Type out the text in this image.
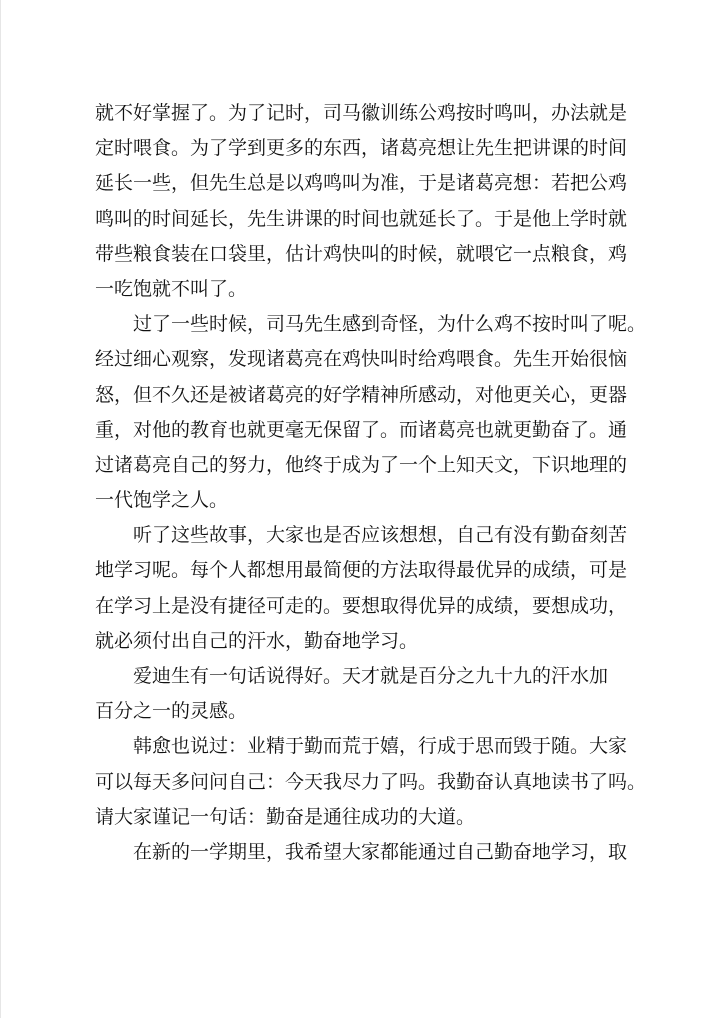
就不好掌握了。为了记时，司马徽训练公鸡按时鸣叫，办法就是
定时喂食。为了学到更多的东西，诸葛亮想让先生把讲课的时间
延长一些，但先生总是以鸡鸣叫为准，于是诸葛亮想：若把公鸡
鸣叫的时间延长，先生讲课的时间也就延长了。于是他上学时就
带些粮食装在口袋里，估计鸡快叫的时候，就喂它一点粮食，鸡
一吃饱就不叫了。
过了一些时候，司马先生感到奇怪，为什么鸡不按时叫了呢。
经过细心观察，发现诸葛亮在鸡快叫时给鸡喂食。先生开始很恼
怒，但不久还是被诸葛亮的好学精神所感动，对他更关心，更器
重，对他的教育也就更毫无保留了。而诸葛亮也就更勤奋了。通
过诸葛亮自己的努力，他终于成为了一个上知天文，下识地理的
一代饱学之人。
听了这些故事，大家也是否应该想想，自己有没有勤奋刻苦
地学习呢。每个人都想用最简便的方法取得最优异的成绩，可是
在学习上是没有捷径可走的。要想取得优异的成绩，要想成功，
就必须付出自己的汗水，勤奋地学习。
爱迪生有一句话说得好。天才就是百分之九十九的汗水加
百分之一的灵感。
韩愈也说过：业精于勤而荒于嬉，行成于思而毁于随。大家
可以每天多问问自己：今天我尽力了吗。我勤奋认真地读书了吗。
请大家谨记一句话：勤奋是通往成功的大道。
在新的一学期里，我希望大家都能通过自己勤奋地学习，取
